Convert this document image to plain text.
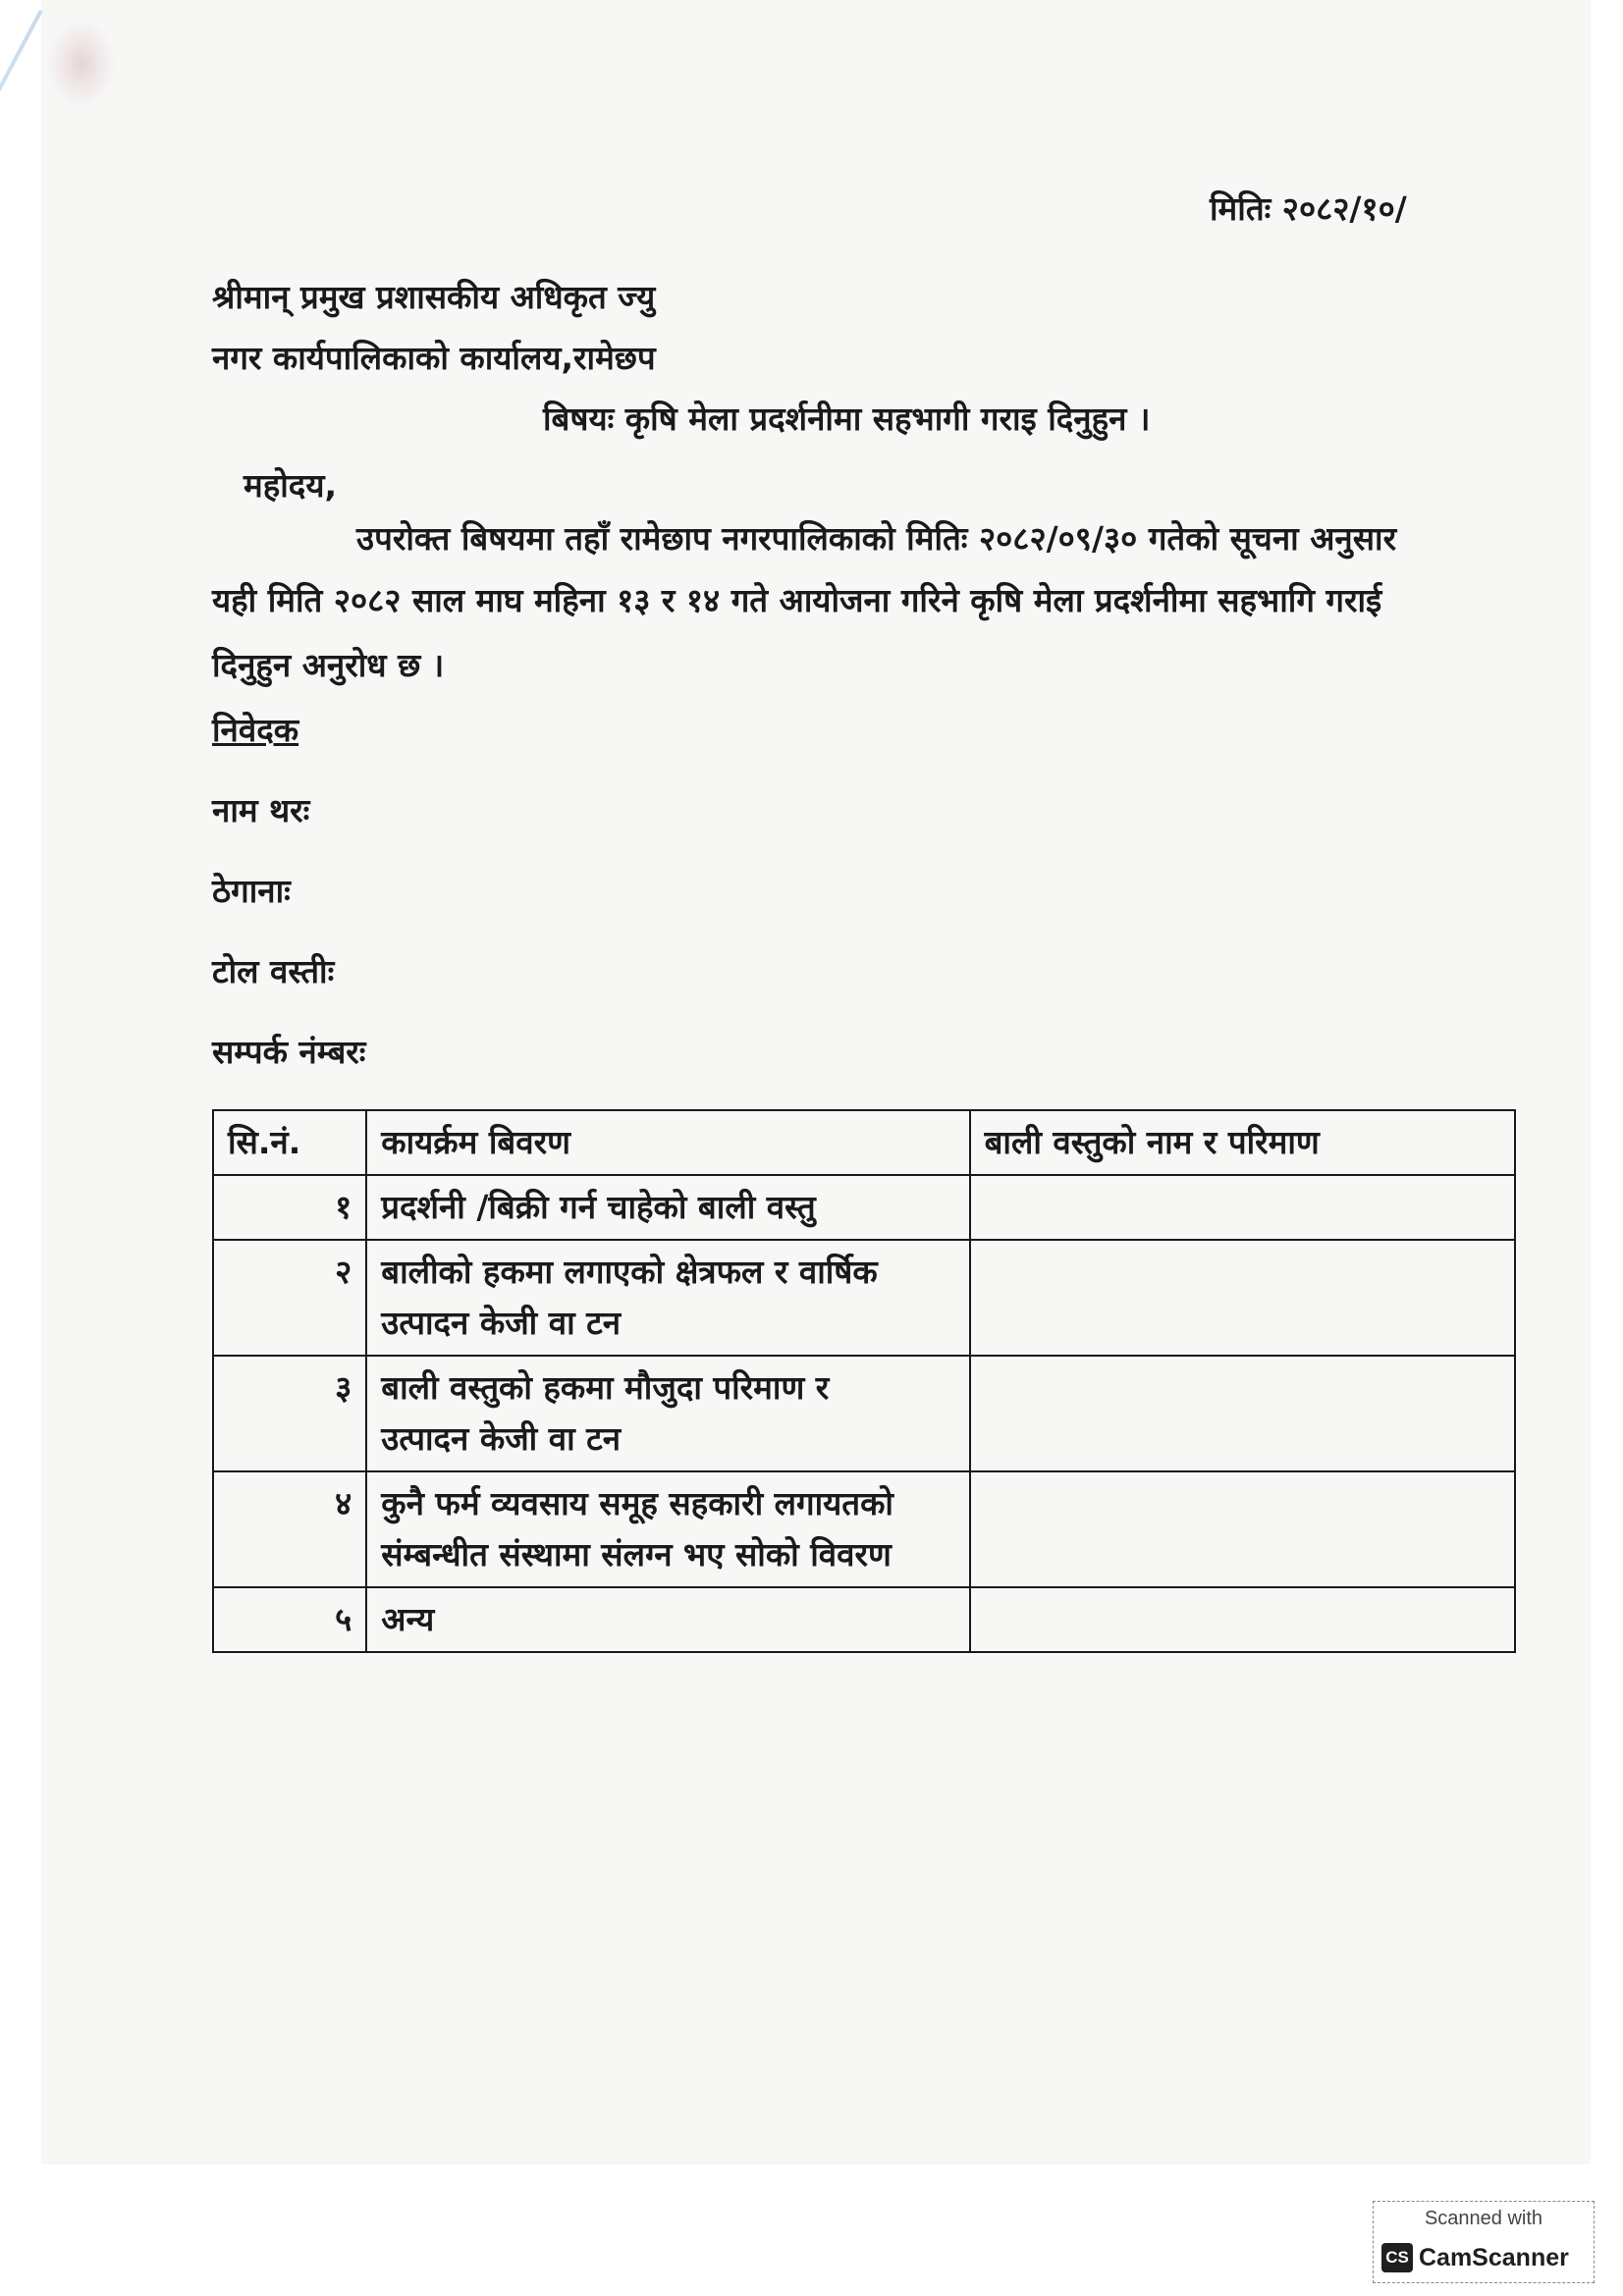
मितिः २०८२/१०/
श्रीमान् प्रमुख प्रशासकीय अधिकृत ज्यु
नगर कार्यपालिकाको कार्यालय,रामेछप
बिषयः कृषि मेला प्रदर्शनीमा सहभागी गराइ दिनुहुन ।
महोदय,
उपरोक्त बिषयमा तहाँ रामेछाप नगरपालिकाको मितिः २०८२/०९/३० गतेको सूचना अनुसार
यही मिति २०८२ साल माघ महिना १३ र १४ गते आयोजना गरिने कृषि मेला प्रदर्शनीमा सहभागि गराई
दिनुहुन अनुरोध छ ।
निवेदक
नाम थरः
ठेगानाः
टोल वस्तीः
सम्पर्क नंम्बरः
सि.नं.	कायर्क्रम बिवरण	बाली वस्तुको नाम र परिमाण
१	प्रदर्शनी /बिक्री गर्न चाहेको बाली वस्तु	

२	बालीको हकमा लगाएको क्षेत्रफल र वार्षिक
उत्पादन केजी वा टन	

३	बाली वस्तुको हकमा मौजुदा परिमाण र
उत्पादन केजी वा टन	

४	कुनै फर्म व्यवसाय समूह सहकारी लगायतको
संम्बन्धीत संस्थामा संलग्न भए सोको विवरण	

५	अन्य	

Scanned with
CS CamScanner
